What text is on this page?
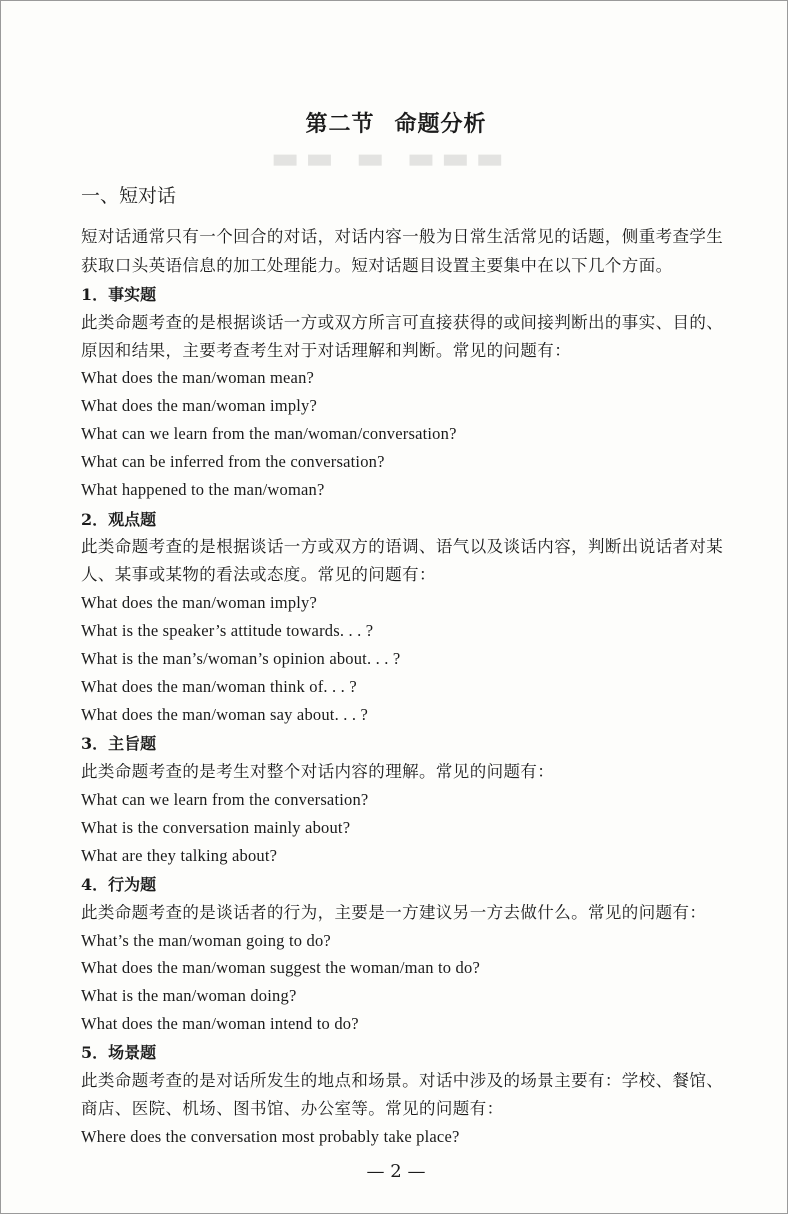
▬▬ ▬ ▬▬▬
第二节 命题分析
一、短对话
短对话通常只有一个回合的对话，对话内容一般为日常生活常见的话题，侧重考查学生
获取口头英语信息的加工处理能力。短对话题目设置主要集中在以下几个方面。
1．事实题
此类命题考查的是根据谈话一方或双方所言可直接获得的或间接判断出的事实、目的、
原因和结果，主要考查考生对于对话理解和判断。常见的问题有：
What does the man/woman mean?
What does the man/woman imply?
What can we learn from the man/woman/conversation?
What can be inferred from the conversation?
What happened to the man/woman?
2．观点题
此类命题考查的是根据谈话一方或双方的语调、语气以及谈话内容，判断出说话者对某
人、某事或某物的看法或态度。常见的问题有：
What does the man/woman imply?
What is the speaker’s attitude towards. . . ?
What is the man’s/woman’s opinion about. . . ?
What does the man/woman think of. . . ?
What does the man/woman say about. . . ?
3．主旨题
此类命题考查的是考生对整个对话内容的理解。常见的问题有：
What can we learn from the conversation?
What is the conversation mainly about?
What are they talking about?
4．行为题
此类命题考查的是谈话者的行为，主要是一方建议另一方去做什么。常见的问题有：
What’s the man/woman going to do?
What does the man/woman suggest the woman/man to do?
What is the man/woman doing?
What does the man/woman intend to do?
5．场景题
此类命题考查的是对话所发生的地点和场景。对话中涉及的场景主要有：学校、餐馆、
商店、医院、机场、图书馆、办公室等。常见的问题有：
Where does the conversation most probably take place?
— 2 —
